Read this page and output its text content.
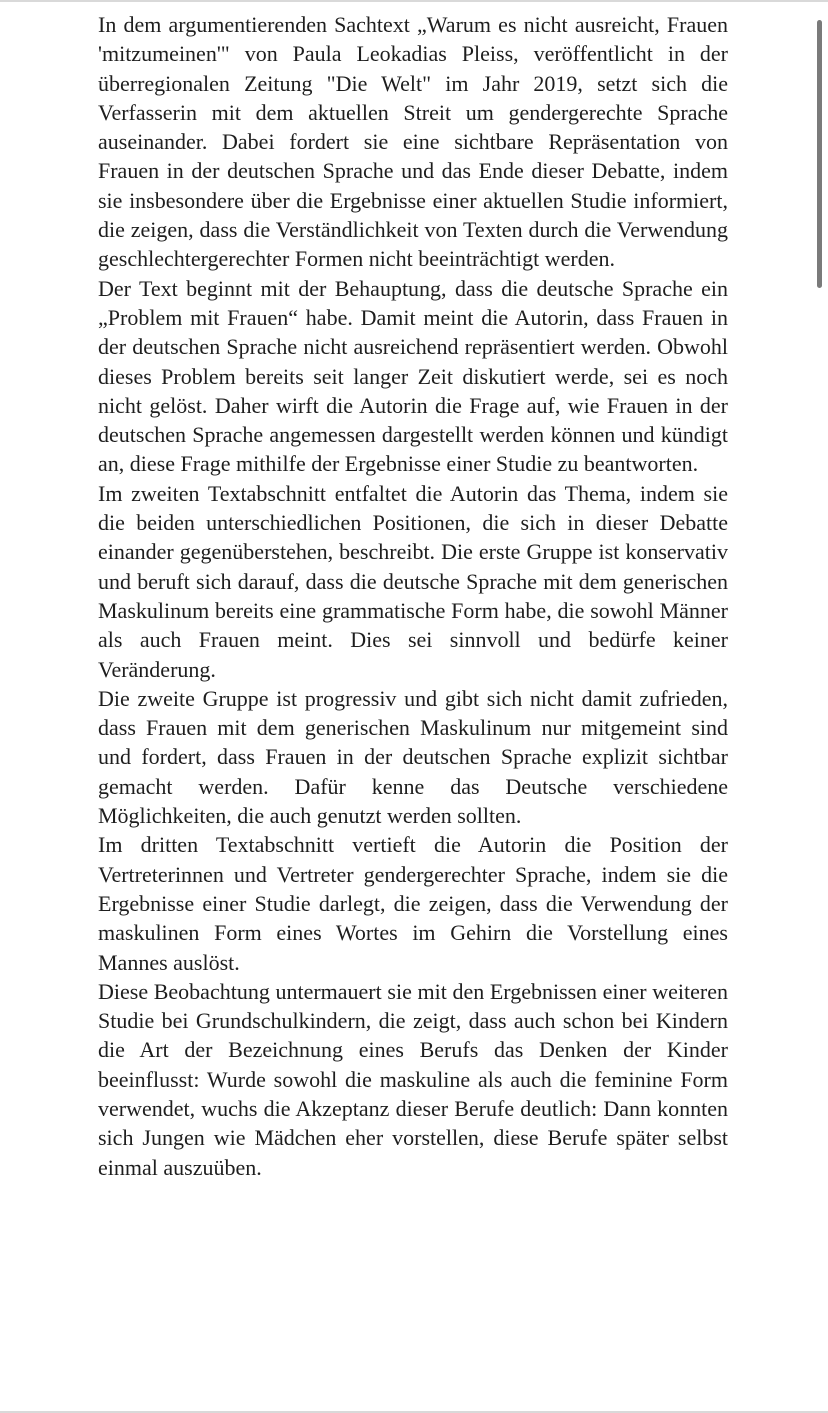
In dem argumentierenden Sachtext „Warum es nicht ausreicht, Frauen 'mitzumeinen'" von Paula Leokadias Pleiss, veröffentlicht in der überregionalen Zeitung "Die Welt" im Jahr 2019, setzt sich die Verfasserin mit dem aktuellen Streit um gendergerechte Sprache auseinander. Dabei fordert sie eine sichtbare Repräsentation von Frauen in der deutschen Sprache und das Ende dieser Debatte, indem sie insbesondere über die Ergebnisse einer aktuellen Studie informiert, die zeigen, dass die Verständlichkeit von Texten durch die Verwendung geschlechtergerechter Formen nicht beeinträchtigt werden.

Der Text beginnt mit der Behauptung, dass die deutsche Sprache ein „Problem mit Frauen“ habe. Damit meint die Autorin, dass Frauen in der deutschen Sprache nicht ausreichend repräsentiert werden. Obwohl dieses Problem bereits seit langer Zeit diskutiert werde, sei es noch nicht gelöst. Daher wirft die Autorin die Frage auf, wie Frauen in der deutschen Sprache angemessen dargestellt werden können und kündigt an, diese Frage mithilfe der Ergebnisse einer Studie zu beantworten.

Im zweiten Textabschnitt entfaltet die Autorin das Thema, indem sie die beiden unterschiedlichen Positionen, die sich in dieser Debatte einander gegenüberstehen, beschreibt. Die erste Gruppe ist konservativ und beruft sich darauf, dass die deutsche Sprache mit dem generischen Maskulinum bereits eine grammatische Form habe, die sowohl Männer als auch Frauen meint. Dies sei sinnvoll und bedürfe keiner Veränderung.

Die zweite Gruppe ist progressiv und gibt sich nicht damit zufrieden, dass Frauen mit dem generischen Maskulinum nur mitgemeint sind und fordert, dass Frauen in der deutschen Sprache explizit sichtbar gemacht werden. Dafür kenne das Deutsche verschiedene Möglichkeiten, die auch genutzt werden sollten.

Im dritten Textabschnitt vertieft die Autorin die Position der Vertreterinnen und Vertreter gendergerechter Sprache, indem sie die Ergebnisse einer Studie darlegt, die zeigen, dass die Verwendung der maskulinen Form eines Wortes im Gehirn die Vorstellung eines Mannes auslöst.

Diese Beobachtung untermauert sie mit den Ergebnissen einer weiteren Studie bei Grundschulkindern, die zeigt, dass auch schon bei Kindern die Art der Bezeichnung eines Berufs das Denken der Kinder beeinflusst: Wurde sowohl die maskuline als auch die feminine Form verwendet, wuchs die Akzeptanz dieser Berufe deutlich: Dann konnten sich Jungen wie Mädchen eher vorstellen, diese Berufe später selbst einmal auszuüben.
